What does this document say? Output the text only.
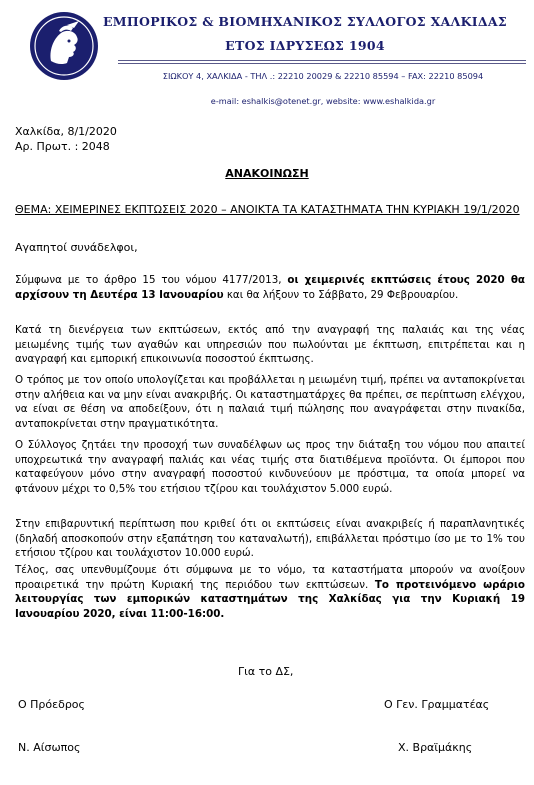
ΕΜΠΟΡΙΚΟΣ & ΒΙΟΜΗΧΑΝΙΚΟΣ ΣΥΛΛΟΓΟΣ ΧΑΛΚΙΔΑΣ
ΕΤΟΣ ΙΔΡΥΣΕΩΣ 1904
ΣΙΩΚΟΥ 4, ΧΑΛΚΙΔΑ - ΤΗΛ .: 22210 20029 & 22210 85594 – FAX: 22210 85094
e-mail: eshalkis@otenet.gr, website: www.eshalkida.gr
Χαλκίδα, 8/1/2020
Αρ. Πρωτ. : 2048
ΑΝΑΚΟΙΝΩΣΗ
ΘΕΜΑ: ΧΕΙΜΕΡΙΝΕΣ ΕΚΠΤΩΣΕΙΣ 2020 – ΑΝΟΙΚΤΑ ΤΑ ΚΑΤΑΣΤΗΜΑΤΑ ΤΗΝ ΚΥΡΙΑΚΗ 19/1/2020
Αγαπητοί συνάδελφοι,
Σύμφωνα με το άρθρο 15 του νόμου 4177/2013, οι χειμερινές εκπτώσεις έτους 2020 θα αρχίσουν τη Δευτέρα 13 Ιανουαρίου και θα λήξουν το Σάββατο, 29 Φεβρουαρίου.
Κατά τη διενέργεια των εκπτώσεων, εκτός από την αναγραφή της παλαιάς και της νέας μειωμένης τιμής των αγαθών και υπηρεσιών που πωλούνται με έκπτωση, επιτρέπεται και η αναγραφή και εμπορική επικοινωνία ποσοστού έκπτωσης.
Ο τρόπος με τον οποίο υπολογίζεται και προβάλλεται η μειωμένη τιμή, πρέπει να ανταποκρίνεται στην αλήθεια και να μην είναι ανακριβής. Οι καταστηματάρχες θα πρέπει, σε περίπτωση ελέγχου, να είναι σε θέση να αποδείξουν, ότι η παλαιά τιμή πώλησης που αναγράφεται στην πινακίδα, ανταποκρίνεται στην πραγματικότητα.
Ο Σύλλογος ζητάει την προσοχή των συναδέλφων ως προς την διάταξη του νόμου που απαιτεί υποχρεωτικά την αναγραφή παλιάς και νέας τιμής στα διατιθέμενα προϊόντα. Οι έμποροι που καταφεύγουν μόνο στην αναγραφή ποσοστού κινδυνεύουν με πρόστιμα, τα οποία μπορεί να φτάνουν μέχρι το 0,5% του ετήσιου τζίρου και τουλάχιστον 5.000 ευρώ.
Στην επιβαρυντική περίπτωση που κριθεί ότι οι εκπτώσεις είναι ανακριβείς ή παραπλανητικές (δηλαδή αποσκοπούν στην εξαπάτηση του καταναλωτή), επιβάλλεται πρόστιμο ίσο με το 1% του ετήσιου τζίρου και τουλάχιστον 10.000 ευρώ.
Τέλος, σας υπενθυμίζουμε ότι σύμφωνα με το νόμο, τα καταστήματα μπορούν να ανοίξουν προαιρετικά την πρώτη Κυριακή της περιόδου των εκπτώσεων. Το προτεινόμενο ωράριο λειτουργίας των εμπορικών καταστημάτων της Χαλκίδας για την Κυριακή 19 Ιανουαρίου 2020, είναι 11:00-16:00.
Για το ΔΣ,
Ο Πρόεδρος	Ο Γεν. Γραμματέας
Ν. Αίσωπος	Χ. Βραϊμάκης
